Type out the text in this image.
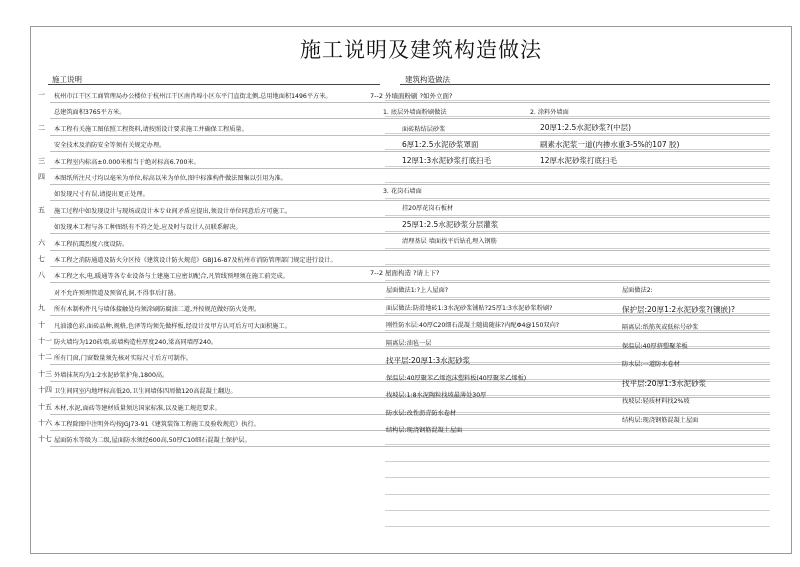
施工说明及建筑构造做法
施工说明	建筑构造做法
一 杭州市江干区工商管理局办公楼位于杭州江干区南肖埠小区东平门直街北侧,总用地面积1496平方米。
总建筑面积3765平方米。
二 本工程有关施工图依照工程资料,请按照设计要求施工并确保工程质量。
安全技术及消防安全等须有关规定办理。
三 本工程室内标高±0.000米相当于绝对标高6.700米。
四 本图纸所注尺寸均以毫米为单位,标高以米为单位,图中标准构件做法图集以引用为准。
如发现尺寸有误,请提出更正处理。
五 施工过程中如发现设计与现场或设计本专业间矛盾应提出,须设计单位同意后方可施工。
如发现本工程与各工种图纸有不符之处,应及时与设计人员联系解决。
六 本工程抗震烈度六度设防。
七 本工程之消防通道及防火分区按《建筑设计防火规范》GBJ16-87及杭州市消防管理部门规定进行设计。
八 本工程之水,电,暖通等各专业设备与土建施工应密切配合,凡管线预埋须在施工前完成。
对不允许预埋管道及预留孔洞,不得事后打凿。
九 所有木制构件凡与墙体接触处均须涂刷防腐油二道,并按规范做好防火处理。
十 凡油漆色彩,面砖品种,规格,色泽等均须先做样板,经设计及甲方认可后方可大面积施工。
十一 防火墙均为120砖墙,砖墙构造柱厚度240,梁高同墙厚240。
十二 所有门窗,门窗数量须先核对实际尺寸后方可制作。
十三 外墙抹灰均为1:2水泥砂浆护角,1800高。
十四 卫生间同室内地坪标高低20,卫生间墙体四周做120高混凝土翻边。
十五 木材,水泥,面砖等建材质量须达国家标准,以及施工规范要求。
十六 本工程除图中注明外均按JGJ73-91《建筑装饰工程施工及验收规范》执行。
十七 屋面防水等级为二级,屋面防水须经600高,50厚C10细石混凝土保护层。
7--2 外墙面粉刷 ?如外立面?
1. 底层外墙面粉刷做法	2. 涂料外墙面
面砖粘结层砂浆	20厚1:2.5水泥砂浆?(中层)
6厚1:2.5水泥砂浆罩面	刷素水泥浆一道(内掺水重3-5%的107 胶)
12厚1:3水泥砂浆打底扫毛	12厚水泥砂浆打底扫毛
3. 花岗石墙面
挂20厚花岗石板材
25厚1:2.5水泥砂浆分层灌浆
清理基层 墙面找平后钻孔埋入钢筋
7--2 屋面构造 ?请上下?
屋面做法1:?上人屋面?
面层做法:防滑地砖1:3水泥砂浆铺贴?25厚1:3水泥砂浆粉刷?
刚性防水层:40厚C20细石混凝土随捣随抹?内配Φ4@150双向?
隔离层:油毡一层
找平层:20厚1:3水泥砂浆
保温层:40厚聚苯乙烯泡沫塑料板(40厚聚苯乙烯板)
找坡层:1:8水泥陶粒找坡最薄处30厚
防水层:改性沥青防水卷材
结构层:现浇钢筋混凝土屋面
屋面做法2:
保护层:20厚1:2水泥砂浆?(镶嵌)?
隔离层:纸筋灰或低标号砂浆
保温层:40厚挤塑聚苯板
防水层:一道防水卷材
找平层:20厚1:3水泥砂浆
找坡层:轻质材料找2%坡
结构层:现浇钢筋混凝土屋面
